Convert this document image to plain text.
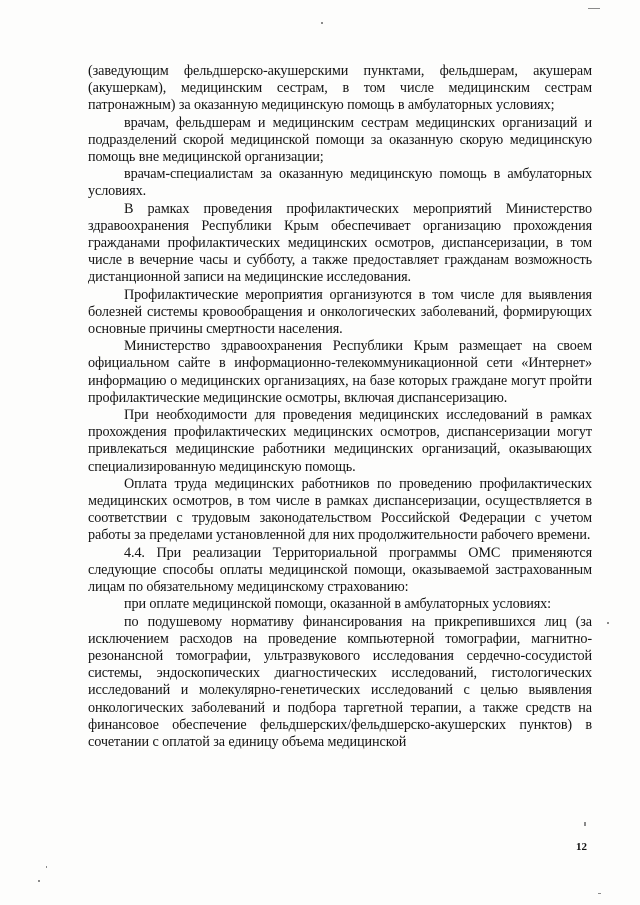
(заведующим фельдшерско-акушерскими пунктами, фельдшерам, акушерам (акушеркам), медицинским сестрам, в том числе медицинским сестрам патронажным) за оказанную медицинскую помощь в амбулаторных условиях;

врачам, фельдшерам и медицинским сестрам медицинских организаций и подразделений скорой медицинской помощи за оказанную скорую медицинскую помощь вне медицинской организации;

врачам-специалистам за оказанную медицинскую помощь в амбулаторных условиях.

В рамках проведения профилактических мероприятий Министерство здравоохранения Республики Крым обеспечивает организацию прохождения гражданами профилактических медицинских осмотров, диспансеризации, в том числе в вечерние часы и субботу, а также предоставляет гражданам возможность дистанционной записи на медицинские исследования.

Профилактические мероприятия организуются в том числе для выявления болезней системы кровообращения и онкологических заболеваний, формирующих основные причины смертности населения.

Министерство здравоохранения Республики Крым размещает на своем официальном сайте в информационно-телекоммуникационной сети «Интернет» информацию о медицинских организациях, на базе которых граждане могут пройти профилактические медицинские осмотры, включая диспансеризацию.

При необходимости для проведения медицинских исследований в рамках прохождения профилактических медицинских осмотров, диспансеризации могут привлекаться медицинские работники медицинских организаций, оказывающих специализированную медицинскую помощь.

Оплата труда медицинских работников по проведению профилактических медицинских осмотров, в том числе в рамках диспансеризации, осуществляется в соответствии с трудовым законодательством Российской Федерации с учетом работы за пределами установленной для них продолжительности рабочего времени.

4.4. При реализации Территориальной программы ОМС применяются следующие способы оплаты медицинской помощи, оказываемой застрахованным лицам по обязательному медицинскому страхованию:

при оплате медицинской помощи, оказанной в амбулаторных условиях:

по подушевому нормативу финансирования на прикрепившихся лиц (за исключением расходов на проведение компьютерной томографии, магнитно-резонансной томографии, ультразвукового исследования сердечно-сосудистой системы, эндоскопических диагностических исследований, гистологических исследований и молекулярно-генетических исследований с целью выявления онкологических заболеваний и подбора таргетной терапии, а также средств на финансовое обеспечение фельдшерских/фельдшерско-акушерских пунктов) в сочетании с оплатой за единицу объема медицинской

12
